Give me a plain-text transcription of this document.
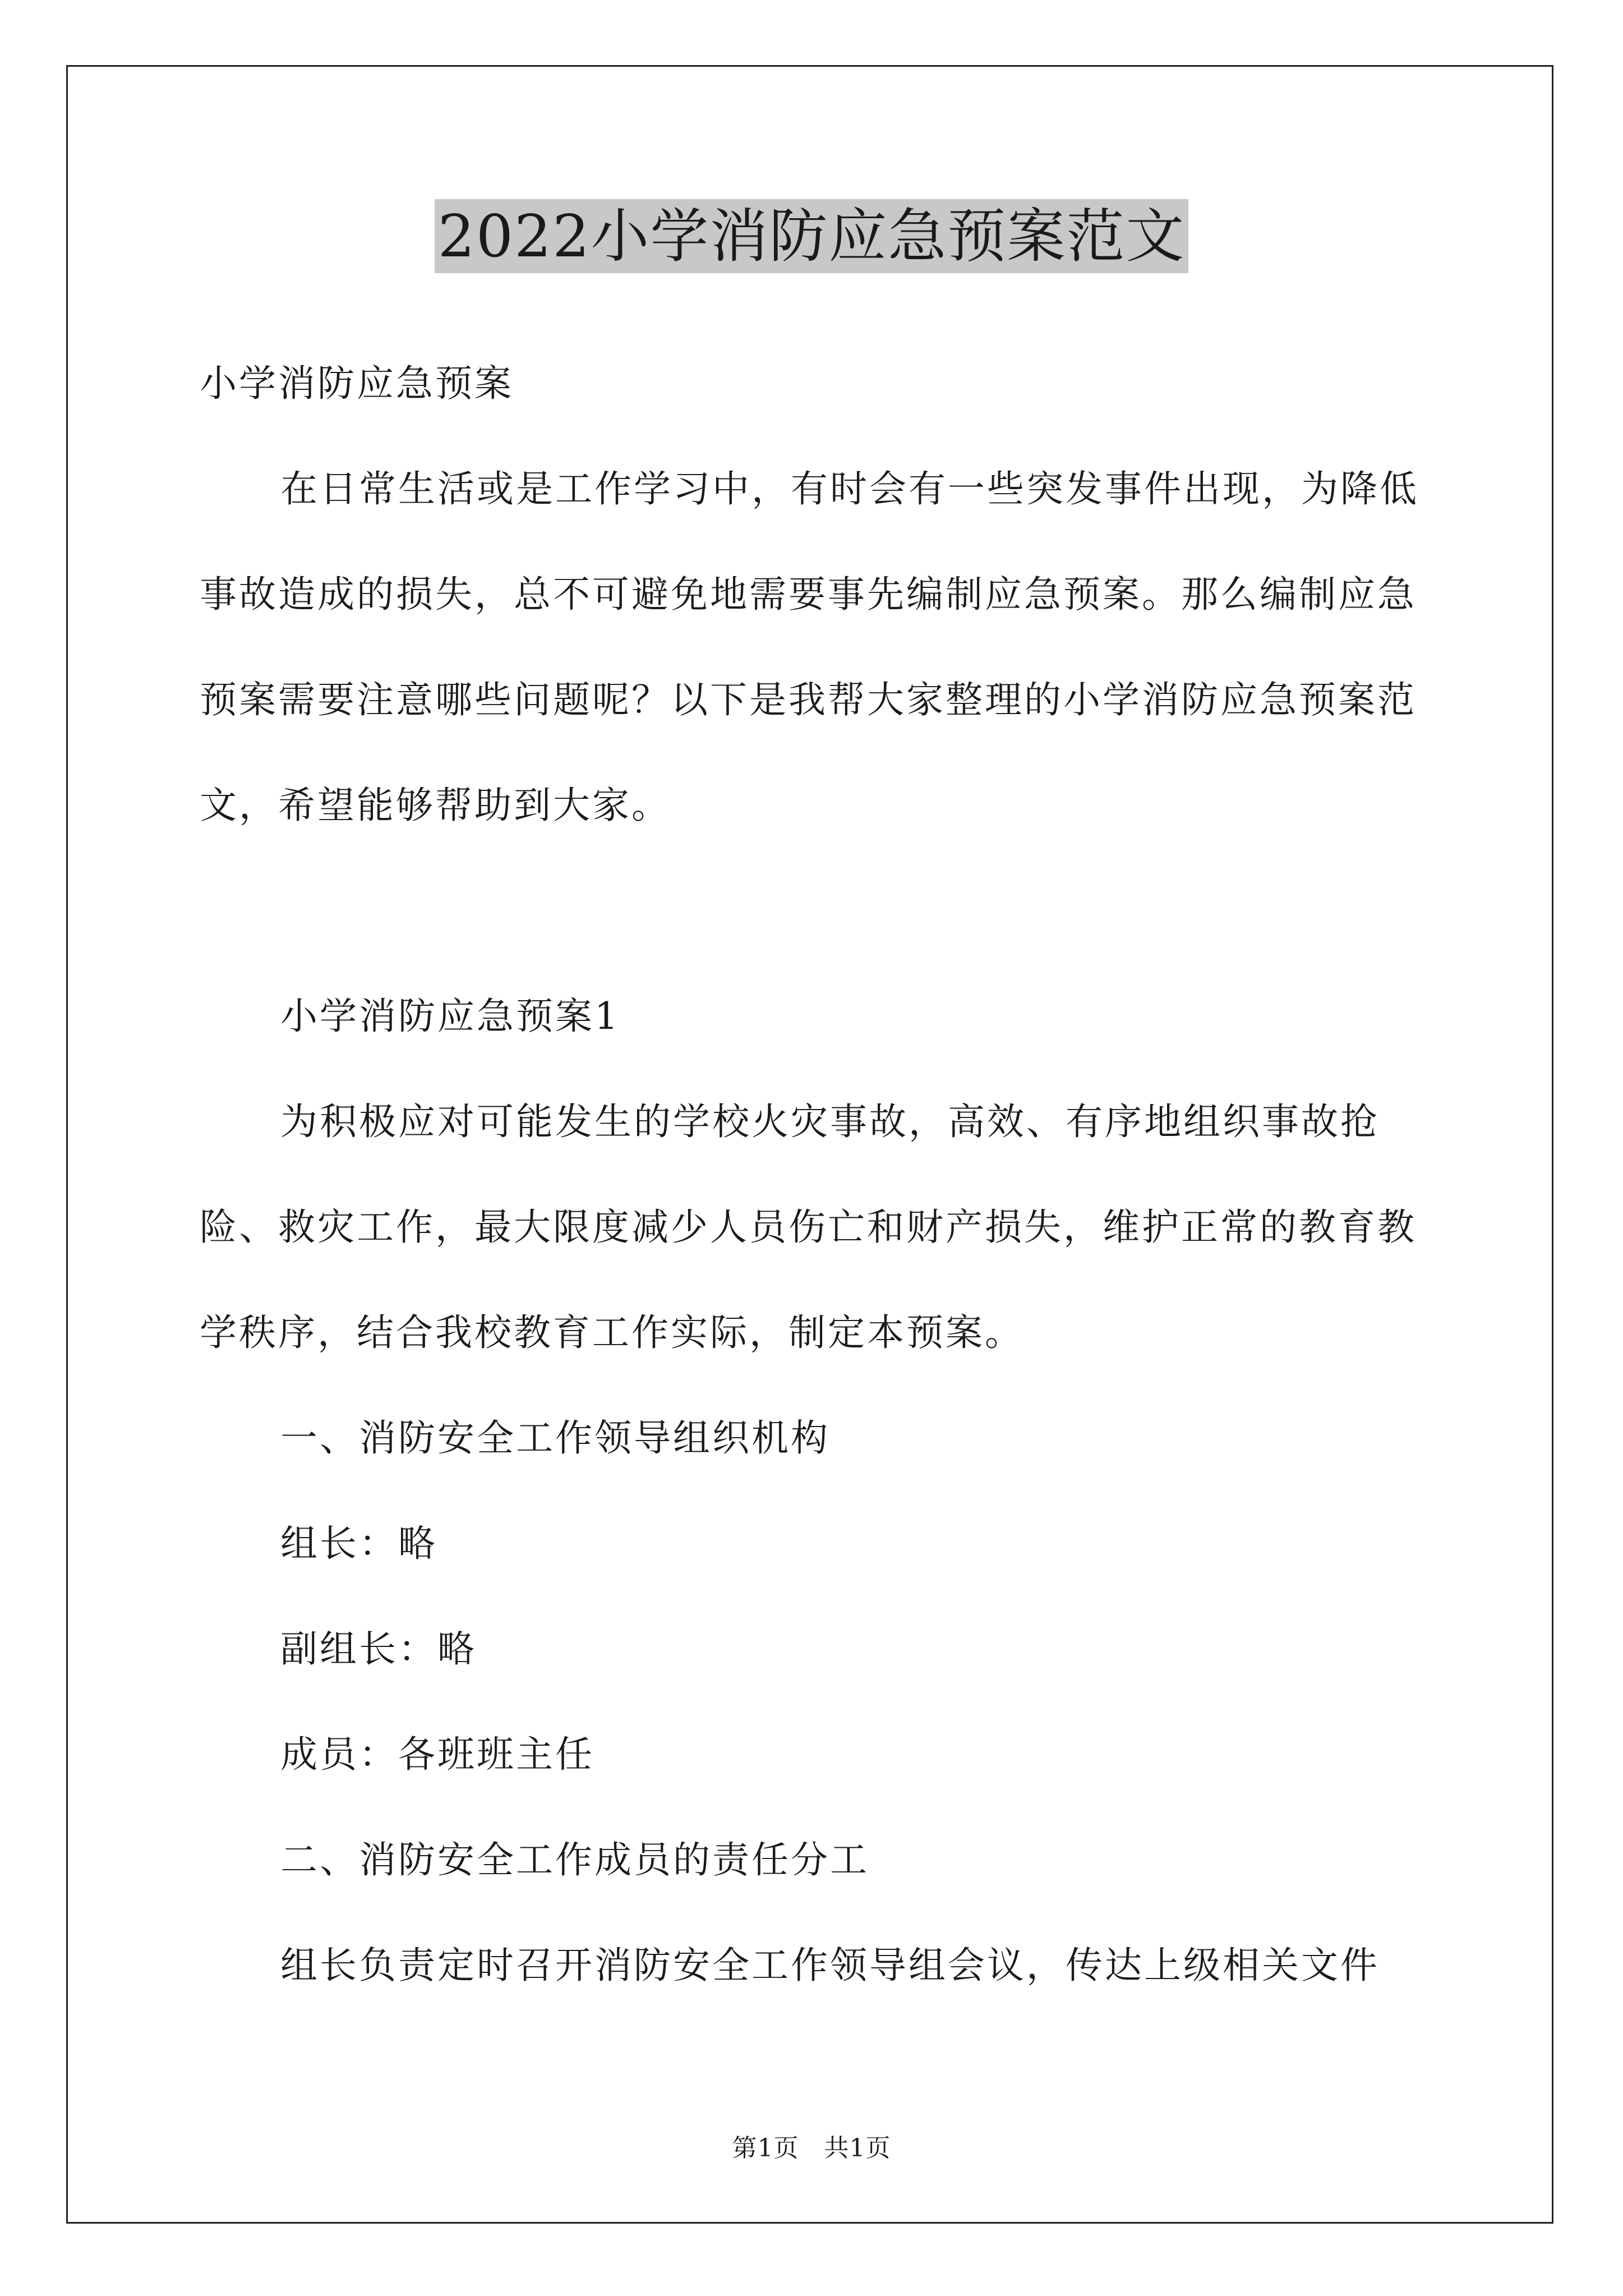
2022小学消防应急预案范文

小学消防应急预案

在日常生活或是工作学习中，有时会有一些突发事件出现，为降低事故造成的损失，总不可避免地需要事先编制应急预案。那么编制应急预案需要注意哪些问题呢？以下是我帮大家整理的小学消防应急预案范文，希望能够帮助到大家。

小学消防应急预案1

为积极应对可能发生的学校火灾事故，高效、有序地组织事故抢险、救灾工作，最大限度减少人员伤亡和财产损失，维护正常的教育教学秩序，结合我校教育工作实际，制定本预案。

一、消防安全工作领导组织机构

组长：略

副组长：略

成员：各班班主任

二、消防安全工作成员的责任分工

组长负责定时召开消防安全工作领导组会议，传达上级相关文件

第1页　共1页
